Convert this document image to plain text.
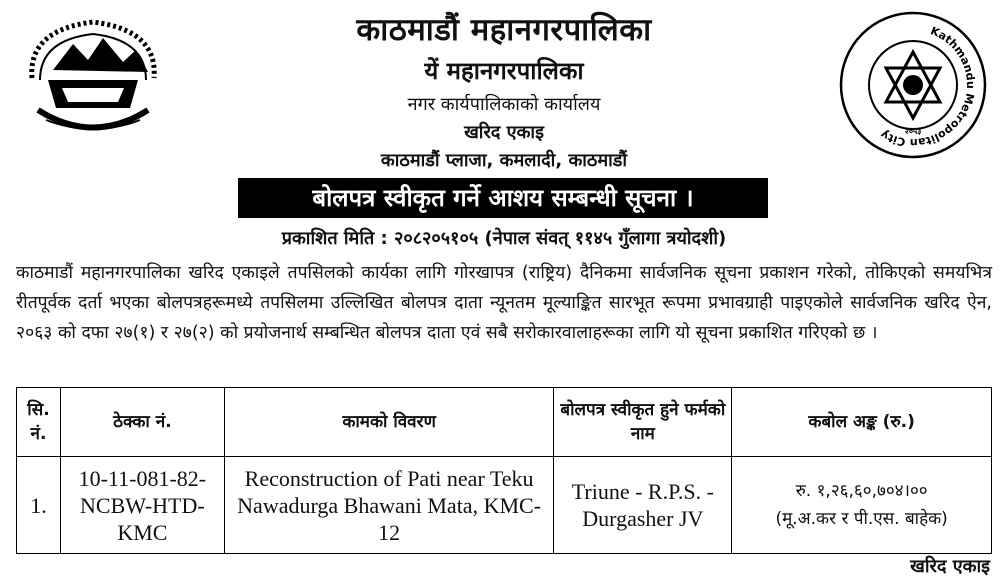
Kathmandu Metropolitan City	२०५३
काठमाडौं महानगरपालिका
यें महानगरपालिका
नगर कार्यपालिकाको कार्यालय
खरिद एकाइ
काठमाडौं प्लाजा, कमलादी, काठमाडौं
बोलपत्र स्वीकृत गर्ने आशय सम्बन्धी सूचना ।
प्रकाशित मिति : २०८२०५१०५ (नेपाल संवत् ११४५ गुँलागा त्रयोदशी)
काठमाडौं महानगरपालिका खरिद एकाइले तपसिलको कार्यका लागि गोरखापत्र (राष्ट्रिय) दैनिकमा सार्वजनिक सूचना प्रकाशन गरेको, तोकिएको समयभित्र रीतपूर्वक दर्ता भएका बोलपत्रहरूमध्ये तपसिलमा उल्लिखित बोलपत्र दाता न्यूनतम मूल्याङ्कित सारभूत रूपमा प्रभावग्राही पाइएकोले सार्वजनिक खरिद ऐन, २०६३ को दफा २७(१) र २७(२) को प्रयोजनार्थ सम्बन्धित बोलपत्र दाता एवं सबै सरोकारवालाहरूका लागि यो सूचना प्रकाशित गरिएको छ ।
सि. नं.	ठेक्का नं.	कामको विवरण	बोलपत्र स्वीकृत हुने फर्मको नाम	कबोल अङ्क (रु.)
1.	10-11-081-82-NCBW-HTD-KMC	Reconstruction of Pati near Teku Nawadurga Bhawani Mata, KMC-12	Triune - R.P.S. - Durgasher JV	रु. १,२६,६०,७०४।००
(मू.अ.कर र पी.एस. बाहेक)
खरिद एकाइ
